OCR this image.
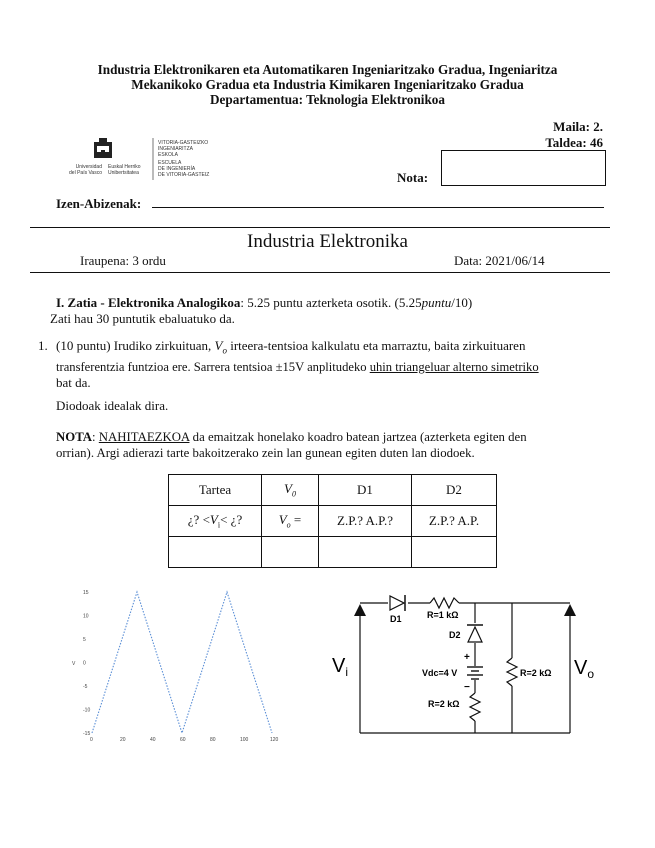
Industria Elektronikaren eta Automatikaren Ingeniaritzako Gradua, Ingeniaritza
Mekanikoko Gradua eta Industria Kimikaren Ingeniaritzako Gradua
Departamentua: Teknologia Elektronikoa
Maila: 2.
Taldea: 46
Universidad
del País Vasco
Euskal Herriko
Unibertsitatea
VITORIA-GASTEIZKO
INGENIARITZA
ESKOLA
ESCUELA
DE INGENIERÍA
DE VITORIA-GASTEIZ	Nota:
Izen-Abizenak:
Industria Elektronika
Iraupena: 3 ordu	Data: 2021/06/14
I. Zatia - Elektronika Analogikoa: 5.25 puntu azterketa osotik. (5.25puntu/10)
Zati hau 30 puntutik ebaluatuko da.
1. (10 puntu) Irudiko zirkuituan, $V_o$ irteera-tentsioa kalkulatu eta marraztu, baita zirkuituaren
transferentzia funtzioa ere. Sarrera tentsioa ±15V anplitudeko uhin triangeluar alterno simetriko
bat da.
Diodoak idealak dira.
NOTA: NAHITAEZKOA da emaitzak honelako koadro batean jartzea (azterketa egiten den
orrian). Argi adierazi tarte bakoitzerako zein lan gunean egiten duten lan diodoek.
Tartea	$V_0$	D1	D2
¿? $<V_i<$ ¿?	$V_o$ =	Z.P.? A.P.?	Z.P.? A.P.

0	20	40	60	80	100	120
15
10
5
0
-5
-10
-15
V
D1	R=1 kΩ
D2
+
−
Vdc=4 V
R=2 kΩ
R=2 kΩ
$V_i$	$V_o$
